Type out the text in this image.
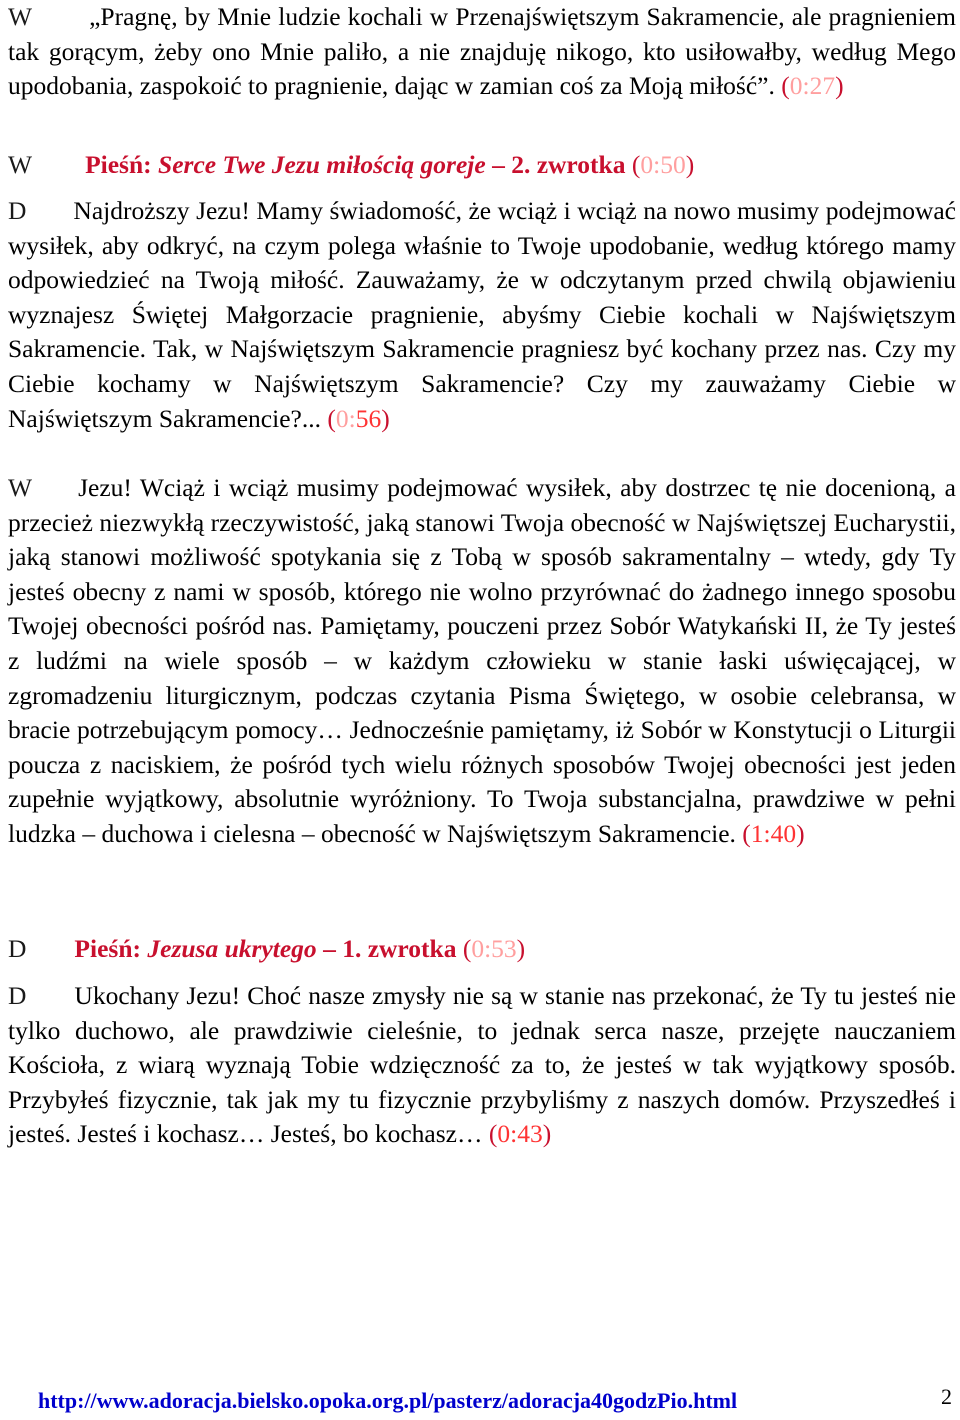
W „Pragnę, by Mnie ludzie kochali w Przenajświętszym Sakramencie, ale pragnieniem tak gorącym, żeby ono Mnie paliło, a nie znajduję nikogo, kto usiłowałby, według Mego upodobania, zaspokoić to pragnienie, dając w zamian coś za Moją miłość”. (0:27)

W Pieśń: Serce Twe Jezu miłością goreje – 2. zwrotka (0:50)

D Najdroższy Jezu! Mamy świadomość, że wciąż i wciąż na nowo musimy podejmować wysiłek, aby odkryć, na czym polega właśnie to Twoje upodobanie, według którego mamy odpowiedzieć na Twoją miłość. Zauważamy, że w odczytanym przed chwilą objawieniu wyznajesz Świętej Małgorzacie pragnienie, abyśmy Ciebie kochali w Najświętszym Sakramencie. Tak, w Najświętszym Sakramencie pragniesz być kochany przez nas. Czy my Ciebie kochamy w Najświętszym Sakramencie? Czy my zauważamy Ciebie w Najświętszym Sakramencie?... (0:56)

W Jezu! Wciąż i wciąż musimy podejmować wysiłek, aby dostrzec tę nie docenioną, a przecież niezwykłą rzeczywistość, jaką stanowi Twoja obecność w Najświętszej Eucharystii, jaką stanowi możliwość spotykania się z Tobą w sposób sakramentalny – wtedy, gdy Ty jesteś obecny z nami w sposób, którego nie wolno przyrównać do żadnego innego sposobu Twojej obecności pośród nas. Pamiętamy, pouczeni przez Sobór Watykański II, że Ty jesteś z ludźmi na wiele sposób – w każdym człowieku w stanie łaski uświęcającej, w zgromadzeniu liturgicznym, podczas czytania Pisma Świętego, w osobie celebransa, w bracie potrzebującym pomocy… Jednocześnie pamiętamy, iż Sobór w Konstytucji o Liturgii poucza z naciskiem, że pośród tych wielu różnych sposobów Twojej obecności jest jeden zupełnie wyjątkowy, absolutnie wyróżniony. To Twoja substancjalna, prawdziwe w pełni ludzka – duchowa i cielesna – obecność w Najświętszym Sakramencie. (1:40)

D Pieśń: Jezusa ukrytego – 1. zwrotka (0:53)

D Ukochany Jezu! Choć nasze zmysły nie są w stanie nas przekonać, że Ty tu jesteś nie tylko duchowo, ale prawdziwie cieleśnie, to jednak serca nasze, przejęte nauczaniem Kościoła, z wiarą wyznają Tobie wdzięczność za to, że jesteś w tak wyjątkowy sposób. Przybyłeś fizycznie, tak jak my tu fizycznie przybyliśmy z naszych domów. Przyszedłeś i jesteś. Jesteś i kochasz… Jesteś, bo kochasz… (0:43)

http://www.adoracja.bielsko.opoka.org.pl/pasterz/adoracja40godzPio.html	2
